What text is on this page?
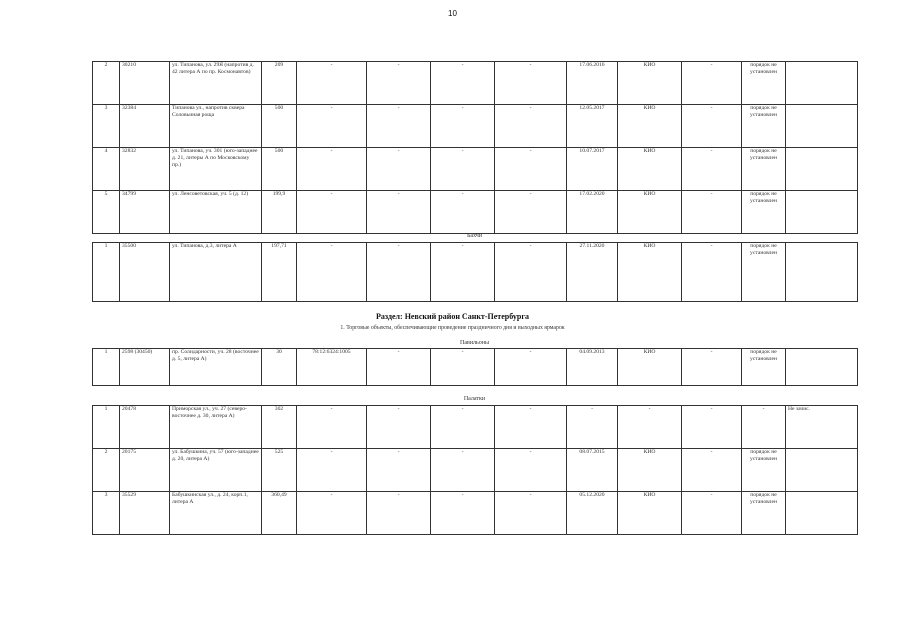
10
2	30210	ул. Типанова, ул. 29Я (напротив д. 42 литера А по пр. Космонавтов)	209	-	-	-	-	17.06.2016	КИО	-	порядок не установлен	
3	32384	Типанова ул., напротив сквера Соловьиная роща	500	-	-	-	-	12.05.2017	КИО	-	порядок не установлен	
4	32832	ул. Типанова, уч. 301 (юго-западнее д. 21, литеры А по Московскому пр.)	500	-	-	-	-	10.07.2017	КИО	-	порядок не установлен	
5	34799	ул. Ленсоветовская, уч. 5 (д. 12)	199,9	-	-	-	-	17.02.2020	КИО	-	порядок не установлен	
Бахчи
1	35500	ул. Типанова, д.3, литера А	197,71	-	-	-	-	27.11.2020	КИО	-	порядок не установлен	
Раздел: Невский район Санкт-Петербурга
1. Торговые объекты, обеспечивающие проведение праздничного дня и выходных ярмарок
Павильоны
1	2598 (30450)	пр. Солидарности, уч. 28 (восточнее д. 5, литера А)	30	78:12:6324:1005	-	-	-	04.09.2013	КИО	-	порядок не установлен	
Палатки
1	20478	Приморская ул., уч. 27 (северо-восточнее д. 30, литера А)	302	-	-	-	-	-	-	-	-	Не зачис.
2	20175	ул. Бабушкина, уч. 57 (юго-западнее д. 20, литера А)	525	-	-	-	-	08.07.2015	КИО	-	порядок не установлен	
3	35529	Бабушкинская ул., д. 24, корп.1, литера А	360,49	-	-	-	-	05.12.2020	КИО	-	порядок не установлен	
